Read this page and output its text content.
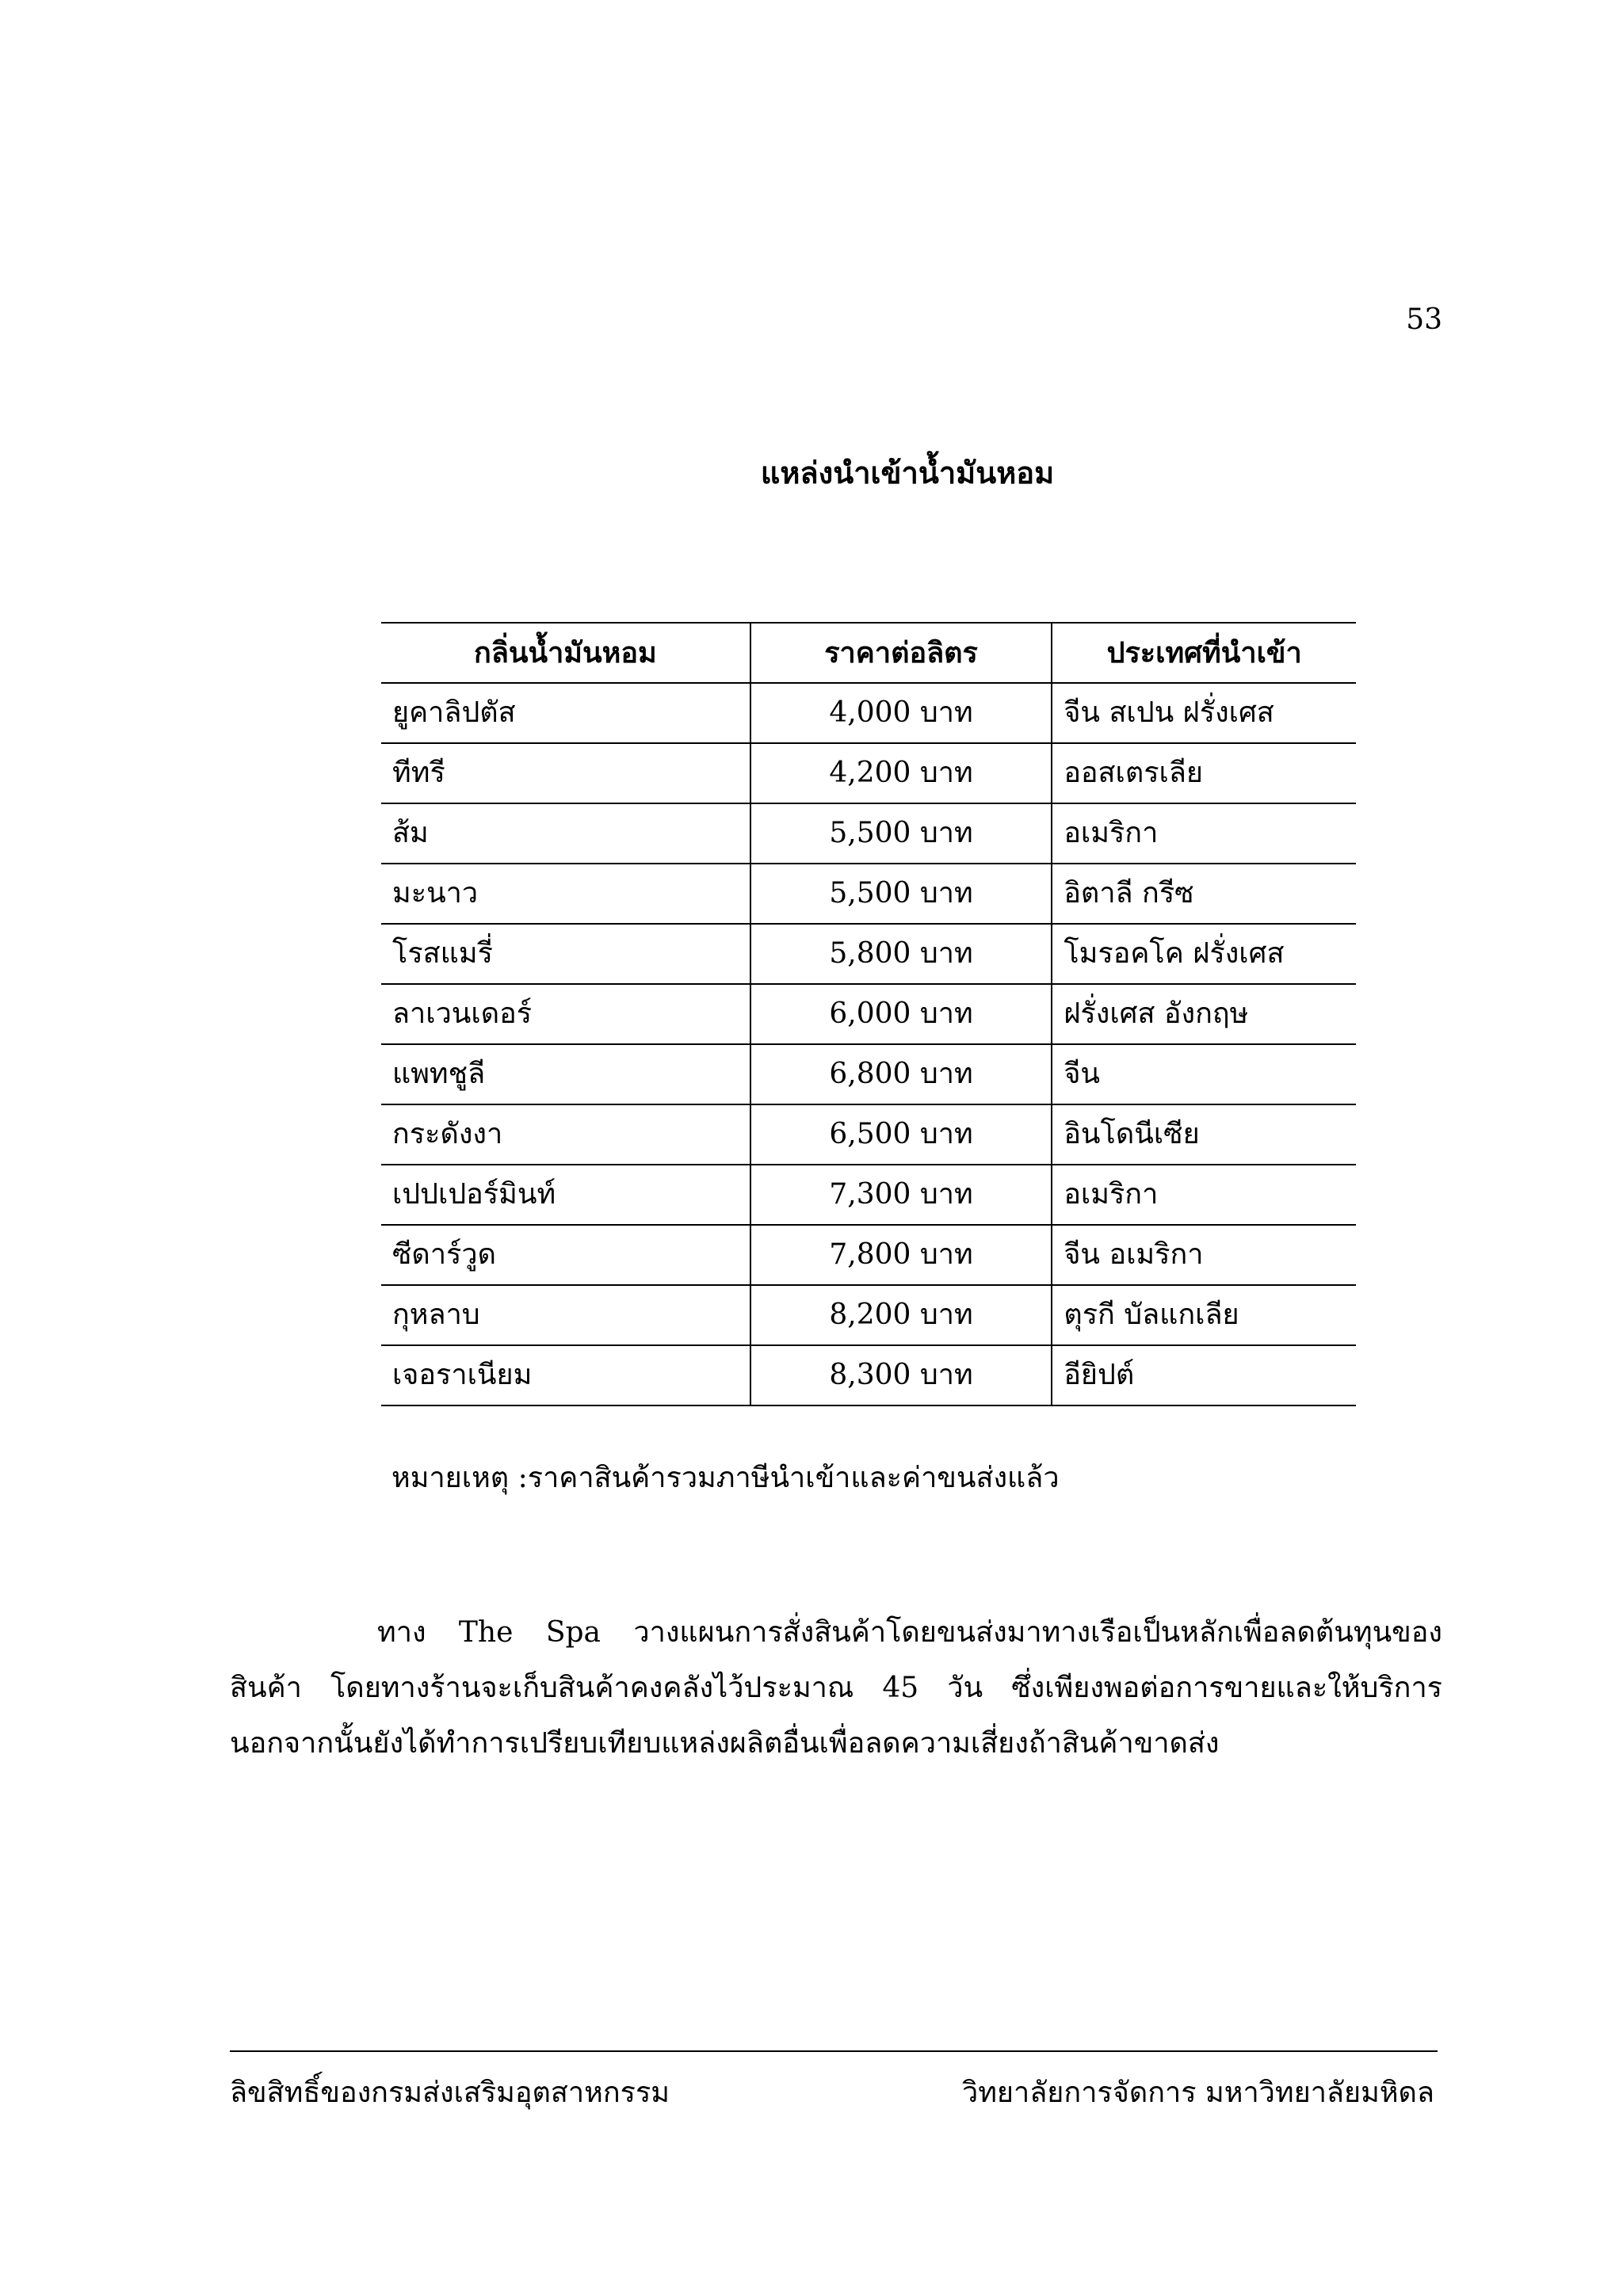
53
แหล่งนำเข้าน้ำมันหอม
กลิ่นน้ำมันหอม	ราคาต่อลิตร	ประเทศที่นำเข้า
ยูคาลิปตัส	4,000 บาท	จีน สเปน ฝรั่งเศส
ทีทรี	4,200 บาท	ออสเตรเลีย
ส้ม	5,500 บาท	อเมริกา
มะนาว	5,500 บาท	อิตาลี กรีซ
โรสแมรี่	5,800 บาท	โมรอคโค ฝรั่งเศส
ลาเวนเดอร์	6,000 บาท	ฝรั่งเศส อังกฤษ
แพทชูลี	6,800 บาท	จีน
กระดังงา	6,500 บาท	อินโดนีเซีย
เปปเปอร์มินท์	7,300 บาท	อเมริกา
ซีดาร์วูด	7,800 บาท	จีน อเมริกา
กุหลาบ	8,200 บาท	ตุรกี บัลแกเลีย
เจอราเนียม	8,300 บาท	อียิปต์
หมายเหตุ :ราคาสินค้ารวมภาษีนำเข้าและค่าขนส่งแล้ว

ทาง The Spa วางแผนการสั่งสินค้าโดยขนส่งมาทางเรือเป็นหลักเพื่อลดต้นทุนของสินค้า โดยทางร้านจะเก็บสินค้าคงคลังไว้ประมาณ 45 วัน ซึ่งเพียงพอต่อการขายและให้บริการ นอกจากนั้นยังได้ทำการเปรียบเทียบแหล่งผลิตอื่นเพื่อลดความเสี่ยงถ้าสินค้าขาดส่ง

ลิขสิทธิ์ของกรมส่งเสริมอุตสาหกรรม	วิทยาลัยการจัดการ มหาวิทยาลัยมหิดล
